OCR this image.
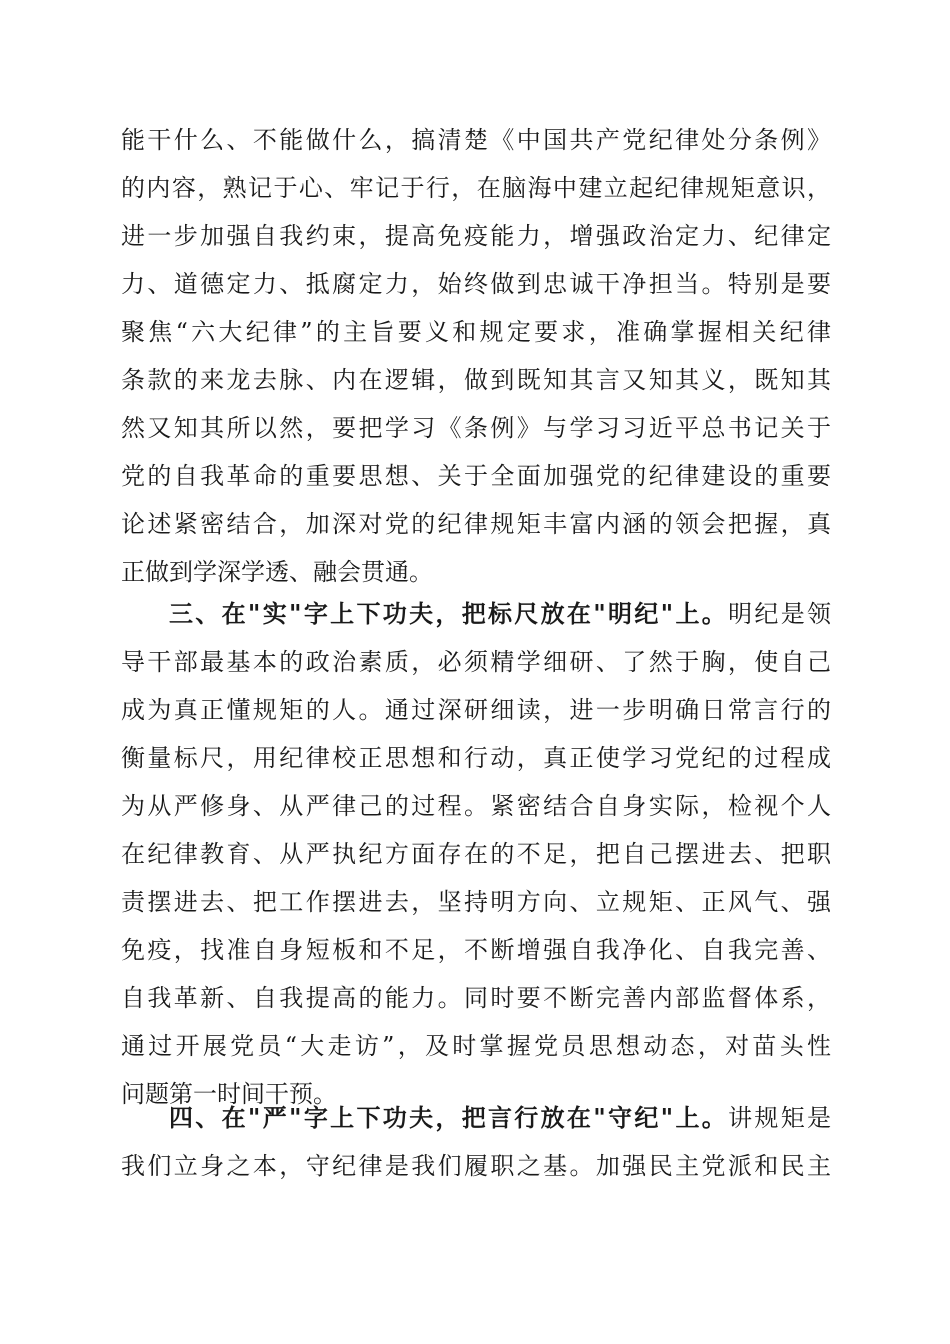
能干什么、不能做什么，搞清楚《中国共产党纪律处分条例》
的内容，熟记于心、牢记于行，在脑海中建立起纪律规矩意识，
进一步加强自我约束，提高免疫能力，增强政治定力、纪律定
力、道德定力、抵腐定力，始终做到忠诚干净担当。特别是要
聚焦“六大纪律”的主旨要义和规定要求，准确掌握相关纪律
条款的来龙去脉、内在逻辑，做到既知其言又知其义，既知其
然又知其所以然，要把学习《条例》与学习习近平总书记关于
党的自我革命的重要思想、关于全面加强党的纪律建设的重要
论述紧密结合，加深对党的纪律规矩丰富内涵的领会把握，真
正做到学深学透、融会贯通。
三、在"实"字上下功夫，把标尺放在"明纪"上。明纪是领
导干部最基本的政治素质，必须精学细研、了然于胸，使自己
成为真正懂规矩的人。通过深研细读，进一步明确日常言行的
衡量标尺，用纪律校正思想和行动，真正使学习党纪的过程成
为从严修身、从严律己的过程。紧密结合自身实际，检视个人
在纪律教育、从严执纪方面存在的不足，把自己摆进去、把职
责摆进去、把工作摆进去，坚持明方向、立规矩、正风气、强
免疫，找准自身短板和不足，不断增强自我净化、自我完善、
自我革新、自我提高的能力。同时要不断完善内部监督体系，
通过开展党员“大走访”，及时掌握党员思想动态，对苗头性
问题第一时间干预。
四、在"严"字上下功夫，把言行放在"守纪"上。讲规矩是
我们立身之本，守纪律是我们履职之基。加强民主党派和民主
